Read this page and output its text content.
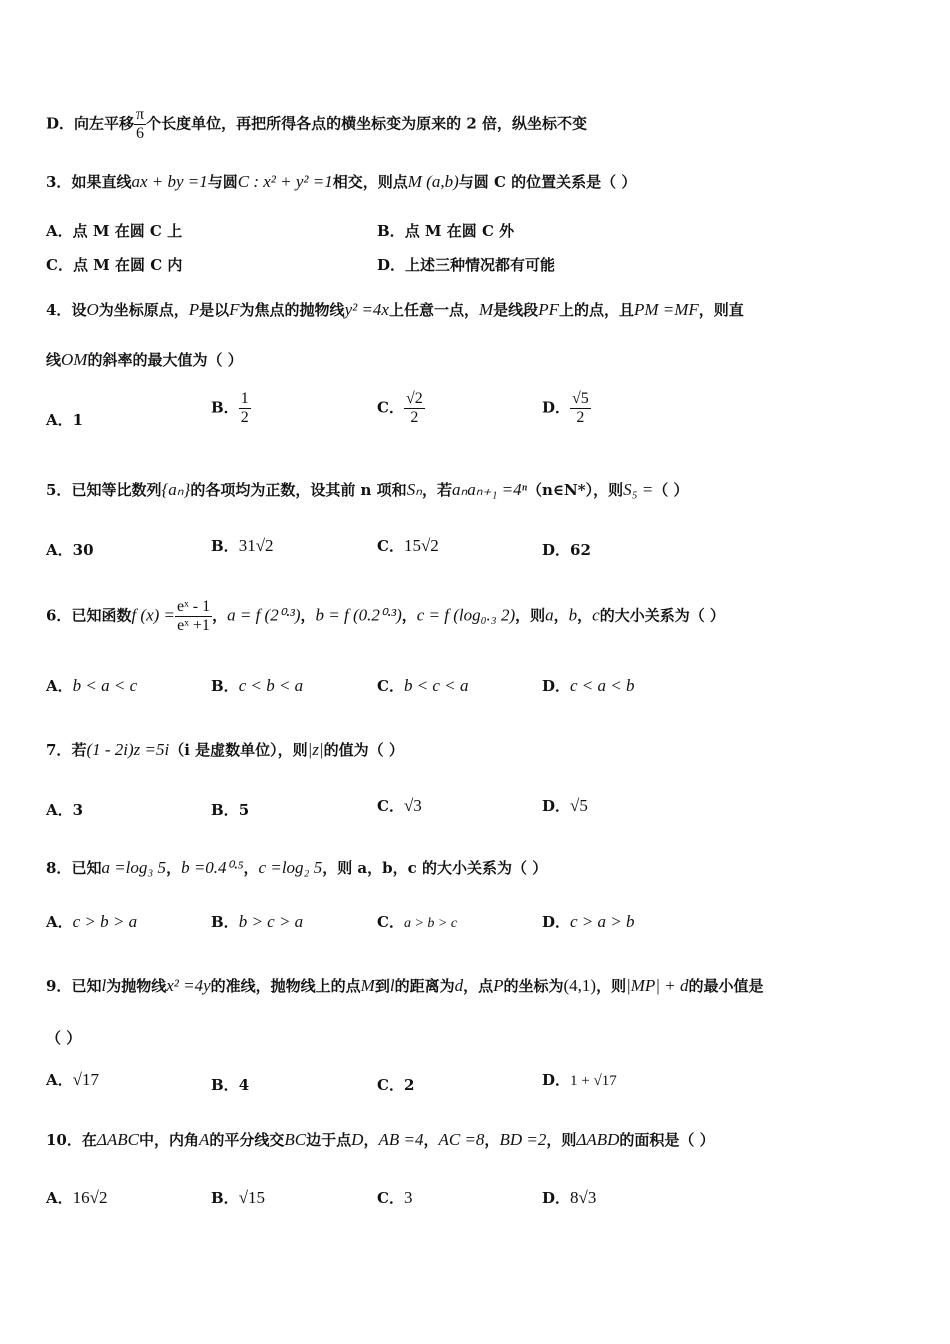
D．向左平移 $\frac{\pi}{6}$ 个长度单位，再把所得各点的横坐标变为原来的 2 倍，纵坐标不变
3．如果直线ax + by =1与圆C : x² + y² =1相交，则点M (a,b)与圆 C 的位置关系是（ ）
A．点 M 在圆 C 上	B．点 M 在圆 C 外
C．点 M 在圆 C 内	D．上述三种情况都有可能
4．设O为坐标原点，P是以F为焦点的抛物线y² =4x上任意一点，M是线段PF上的点，且PM =MF，则直
线OM的斜率的最大值为（ ）
A．1
B． $\frac{1}{2}$	C． $\frac{√2}{2}$	D． $\frac{√5}{2}$
5．已知等比数列{aₙ}的各项均为正数，设其前 n 项和Sₙ，若aₙaₙ₊₁ =4ⁿ（n∈N*），则S₅ =（ ）
A．30	B．31√2	C．15√2	D．62
6．已知函数f $(x) = \frac{\text{eˣ - 1}}{\text{eˣ +1}}$ ，a = f (2⁰·³)，b = f (0.2⁰·³)，c = f (log₀.₃ 2)，则a，b，c的大小关系为（ ）
A．b < a < c	B．c < b < a	C．b < c < a	D．c < a < b
7．若(1 - 2i)z =5i（i 是虚数单位），则|z|的值为（ ）
A．3	B．5	C．√3	D．√5
8．已知a =log₃ 5，b =0.4⁰·⁵，c =log₂ 5，则 a，b，c 的大小关系为（ ）
A．c > b > a	B．b > c > a	C．a > b > c	D．c > a > b
9．已知l为抛物线x² =4y的准线，抛物线上的点M到l的距离为d，点P的坐标为(4,1)，则|MP| + d的最小值是
（ ）
A．√17	B．4	C．2	D．1 + √17
10．在ΔABC中，内角A的平分线交BC边于点D，AB =4，AC =8，BD =2，则ΔABD的面积是（ ）
A．16√2	B．√15	C．3	D．8√3
